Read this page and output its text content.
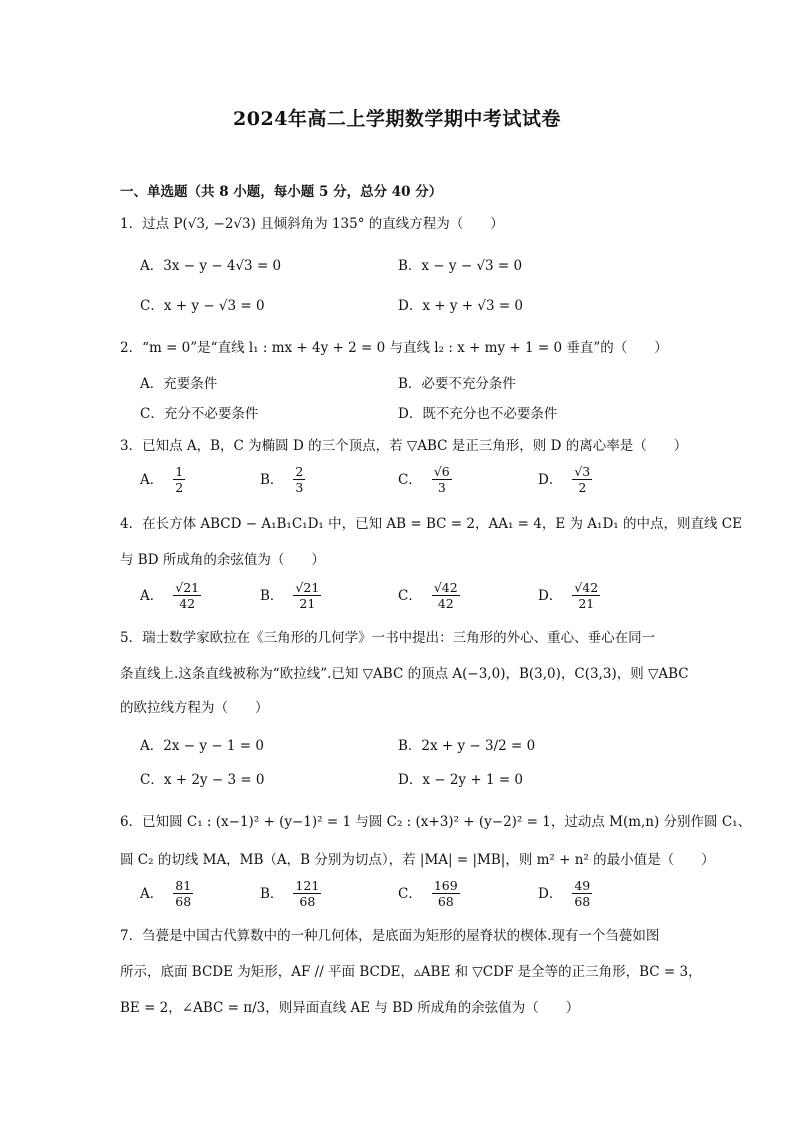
2024年高二上学期数学期中考试试卷
一、单选题（共 8 小题，每小题 5 分，总分 40 分）
1．过点 P(√3, −2√3) 且倾斜角为 135° 的直线方程为（　　）
A．3x − y − 4√3 = 0	B．x − y − √3 = 0
C．x + y − √3 = 0	D．x + y + √3 = 0
2．“m = 0”是“直线 l₁ : mx + 4y + 2 = 0 与直线 l₂ : x + my + 1 = 0 垂直”的（　　）
A．充要条件	B．必要不充分条件
C．充分不必要条件	D．既不充分也不必要条件
3．已知点 A，B，C 为椭圆 D 的三个顶点，若 ▽ABC 是正三角形，则 D 的离心率是（　　）
A． $\frac{1}{2}$	B． $\frac{2}{3}$	C． $\frac{√6}{3}$	D． $\frac{√3}{2}$
4．在长方体 ABCD − A₁B₁C₁D₁ 中，已知 AB = BC = 2，AA₁ = 4，E 为 A₁D₁ 的中点，则直线 CE
与 BD 所成角的余弦值为（　　）
A． $\frac{√21}{42}$	B． $\frac{√21}{21}$	C． $\frac{√42}{42}$	D． $\frac{√42}{21}$
5．瑞士数学家欧拉在《三角形的几何学》一书中提出：三角形的外心、重心、垂心在同一
条直线上.这条直线被称为“欧拉线”.已知 ▽ABC 的顶点 A(−3,0)，B(3,0)，C(3,3)，则 ▽ABC
的欧拉线方程为（　　）
A．2x − y − 1 = 0	B．2x + y − 3/2 = 0
C．x + 2y − 3 = 0	D．x − 2y + 1 = 0
6．已知圆 C₁ : (x−1)² + (y−1)² = 1 与圆 C₂ : (x+3)² + (y−2)² = 1，过动点 M(m,n) 分别作圆 C₁、
圆 C₂ 的切线 MA，MB（A，B 分别为切点），若 |MA| = |MB|，则 m² + n² 的最小值是（　　）
A． $\frac{81}{68}$	B． $\frac{121}{68}$	C． $\frac{169}{68}$	D． $\frac{49}{68}$
7．刍甍是中国古代算数中的一种几何体，是底面为矩形的屋脊状的楔体.现有一个刍甍如图
所示，底面 BCDE 为矩形，AF // 平面 BCDE，▵ABE 和 ▽CDF 是全等的正三角形，BC = 3，
BE = 2，∠ABC = π/3，则异面直线 AE 与 BD 所成角的余弦值为（　　）
